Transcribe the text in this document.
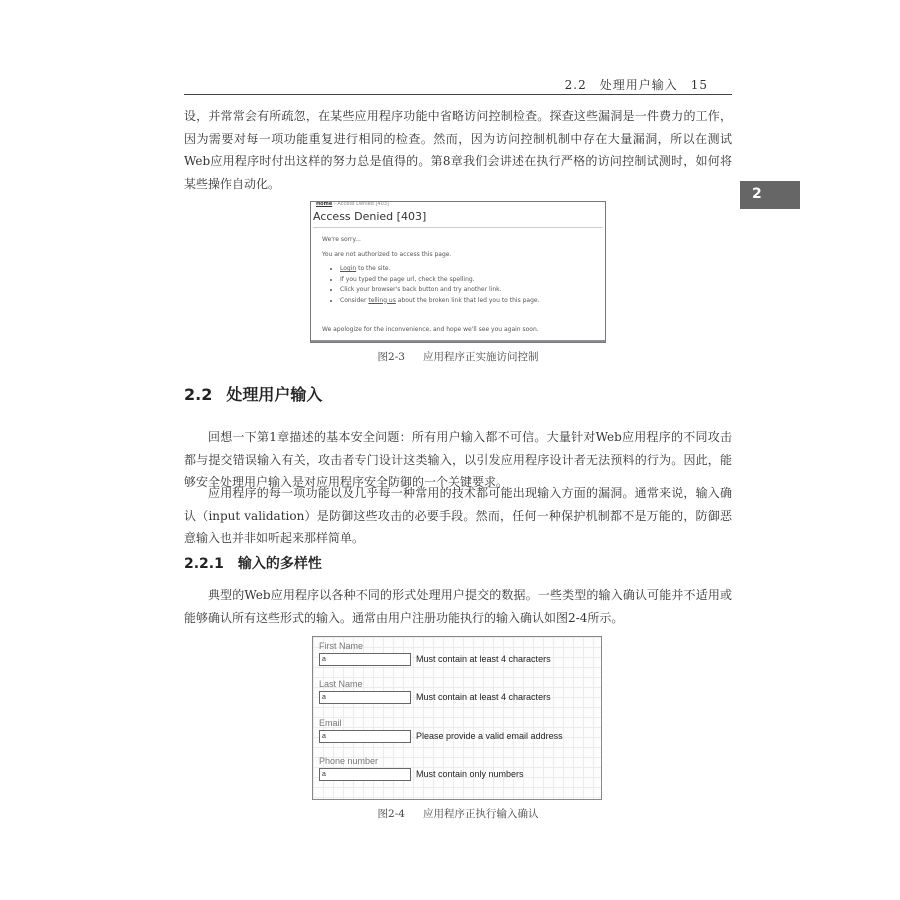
2.2　处理用户输入　15
2

设，并常常会有所疏忽，在某些应用程序功能中省略访问控制检查。探查这些漏洞是一件费力的工作，因为需要对每一项功能重复进行相同的检查。然而，因为访问控制机制中存在大量漏洞，所以在测试Web应用程序时付出这样的努力总是值得的。第8章我们会讲述在执行严格的访问控制试测时，如何将某些操作自动化。

Home › Access Denied [403]
Access Denied [403]
We're sorry...
You are not authorized to access this page.
• Login to the site.
• If you typed the page url, check the spelling.
• Click your browser's back button and try another link.
• Consider telling us about the broken link that led you to this page.
We apologize for the inconvenience, and hope we'll see you again soon.
图2-3 应用程序正实施访问控制
2.2 处理用户输入

回想一下第1章描述的基本安全问题：所有用户输入都不可信。大量针对Web应用程序的不同攻击都与提交错误输入有关，攻击者专门设计这类输入，以引发应用程序设计者无法预料的行为。因此，能够安全处理用户输入是对应用程序安全防御的一个关键要求。

应用程序的每一项功能以及几乎每一种常用的技术都可能出现输入方面的漏洞。通常来说，输入确认（input validation）是防御这些攻击的必要手段。然而，任何一种保护机制都不是万能的，防御恶意输入也并非如听起来那样简单。

2.2.1 输入的多样性

典型的Web应用程序以各种不同的形式处理用户提交的数据。一些类型的输入确认可能并不适用或能够确认所有这些形式的输入。通常由用户注册功能执行的输入确认如图2-4所示。

First Name
a	Must contain at least 4 characters
Last Name
a	Must contain at least 4 characters
Email
a	Please provide a valid email address
Phone number
a	Must contain only numbers
图2-4 应用程序正执行输入确认
